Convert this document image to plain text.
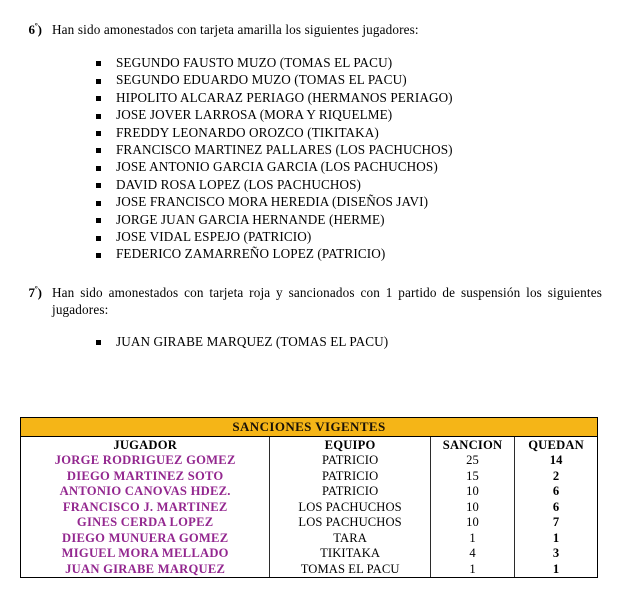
$6^º$) Han sido amonestados con tarjeta amarilla los siguientes jugadores:
SEGUNDO FAUSTO MUZO (TOMAS EL PACU)
SEGUNDO EDUARDO MUZO (TOMAS EL PACU)
HIPOLITO ALCARAZ PERIAGO (HERMANOS PERIAGO)
JOSE JOVER LARROSA (MORA Y RIQUELME)
FREDDY LEONARDO OROZCO (TIKITAKA)
FRANCISCO MARTINEZ PALLARES (LOS PACHUCHOS)
JOSE ANTONIO GARCIA GARCIA (LOS PACHUCHOS)
DAVID ROSA LOPEZ (LOS PACHUCHOS)
JOSE FRANCISCO MORA HEREDIA (DISEÑOS JAVI)
JORGE JUAN GARCIA HERNANDE (HERME)
JOSE VIDAL ESPEJO (PATRICIO)
FEDERICO ZAMARREÑO LOPEZ (PATRICIO)
$7^º$) Han sido amonestados con tarjeta roja y sancionados con 1 partido de suspensión los siguientes jugadores:
JUAN GIRABE MARQUEZ (TOMAS EL PACU)
SANCIONES VIGENTES			
JUGADOR	EQUIPO	SANCION	QUEDAN
JORGE RODRIGUEZ GOMEZ	PATRICIO	25	14
DIEGO MARTINEZ SOTO	PATRICIO	15	2
ANTONIO CANOVAS HDEZ.	PATRICIO	10	6
FRANCISCO J. MARTINEZ	LOS PACHUCHOS	10	6
GINES CERDA LOPEZ	LOS PACHUCHOS	10	7
DIEGO MUNUERA GOMEZ	TARA	1	1
MIGUEL MORA MELLADO	TIKITAKA	4	3
JUAN GIRABE MARQUEZ	TOMAS EL PACU	1	1
